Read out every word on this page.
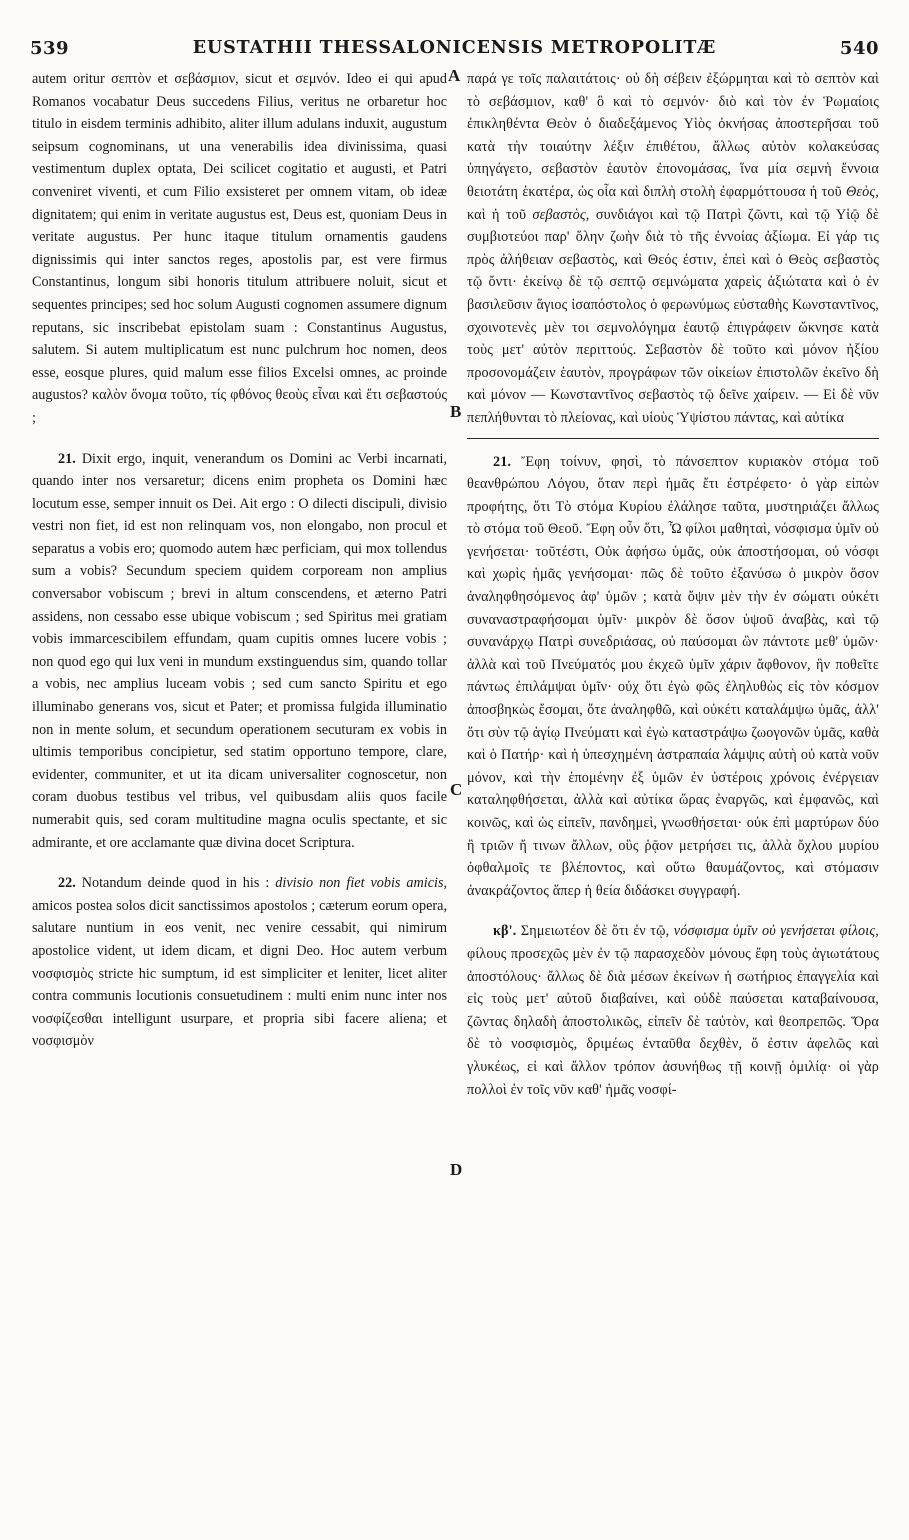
539	EUSTATHII THESSALONICENSIS METROPOLITÆ	540

autem oritur σεπτὸν et σεβάσμιον, sicut et σεμνόν. Ideo ei qui apud Romanos vocabatur Deus succedens Filius, veritus ne orbaretur hoc titulo in eisdem terminis adhibito, aliter illum adulans induxit, augustum seipsum cognominans, ut una venerabilis idea divinissima, quasi vestimentum duplex optata, Dei scilicet cogitatio et augusti, et Patri conveniret viventi, et cum Filio exsisteret per omnem vitam, ob ideæ dignitatem; qui enim in veritate augustus est, Deus est, quoniam Deus in veritate augustus. Per hunc itaque titulum ornamentis gaudens dignissimis qui inter sanctos reges, apostolis par, est vere firmus Constantinus, longum sibi honoris titulum attribuere noluit, sicut et sequentes principes; sed hoc solum Augusti cognomen assumere dignum reputans, sic inscribebat epistolam suam : Constantinus Augustus, salutem. Si autem multiplicatum est nunc pulchrum hoc nomen, deos esse, eosque plures, quid malum esse filios Excelsi omnes, ac proinde augustos? καλὸν ὄνομα τοῦτο, τίς φθόνος θεοὺς εἶναι καὶ ἔτι σεβαστούς ;

21. Dixit ergo, inquit, venerandum os Domini ac Verbi incarnati, quando inter nos versaretur; dicens enim propheta os Domini hæc locutum esse, semper innuit os Dei. Ait ergo : O dilecti discipuli, divisio vestri non fiet, id est non relinquam vos, non elongabo, non procul et separatus a vobis ero; quomodo autem hæc perficiam, qui mox tollendus sum a vobis? Secundum speciem quidem corpoream non amplius conversabor vobiscum ; brevi in altum conscendens, et æterno Patri assidens, non cessabo esse ubique vobiscum ; sed Spiritus mei gratiam vobis immarcescibilem effundam, quam cupitis omnes lucere vobis ; non quod ego qui lux veni in mundum exstinguendus sim, quando tollar a vobis, nec amplius luceam vobis ; sed cum sancto Spiritu et ego illuminabo generans vos, sicut et Pater; et promissa fulgida illuminatio non in mente solum, et secundum operationem secuturam ex vobis in ultimis temporibus concipietur, sed statim opportuno tempore, clare, evidenter, communiter, et ut ita dicam universaliter cognoscetur, non coram duobus testibus vel tribus, vel quibusdam aliis quos facile numerabit quis, sed coram multitudine magna oculis spectante, et sic admirante, et ore acclamante quæ divina docet Scriptura.

22. Notandum deinde quod in his : divisio non fiet vobis amicis, amicos postea solos dicit sanctissimos apostolos ; cæterum eorum opera, salutare nuntium in eos venit, nec venire cessabit, qui nimirum apostolice vident, ut idem dicam, et digni Deo. Hoc autem verbum νοσφισμὸς stricte hic sumptum, id est simpliciter et leniter, licet aliter contra communis locutionis consuetudinem : multi enim nunc inter nos νοσφίζεσθαι intelligunt usurpare, et propria sibi facere aliena; et νοσφισμὸν

παρά γε τοῖς παλαιτάτοις· οὐ δὴ σέβειν ἐξώρμηται καὶ τὸ σεπτὸν καὶ τὸ σεβάσμιον, καθ' ὃ καὶ τὸ σεμνόν· διὸ καὶ τὸν ἐν Ῥωμαίοις ἐπικληθέντα Θεὸν ὁ διαδεξάμενος Υἱὸς ὀκνήσας ἀποστερῆσαι τοῦ κατὰ τὴν τοιαύτην λέξιν ἐπιθέτου, ἄλλως αὐτὸν κολακεύσας ὑπηγάγετο, σεβαστὸν ἑαυτὸν ἐπονομάσας, ἵνα μία σεμνὴ ἔννοια θειοτάτη ἑκατέρα, ὡς οἷα καὶ διπλὴ στολὴ ἐφαρμόττουσα ἡ τοῦ Θεὸς, καὶ ἡ τοῦ σεβαστὸς, συνδιάγοι καὶ τῷ Πατρὶ ζῶντι, καὶ τῷ Υἱῷ δὲ συμβιοτεύοι παρ' ὅλην ζωὴν διὰ τὸ τῆς ἐννοίας ἀξίωμα. Εἰ γάρ τις πρὸς ἀλήθειαν σεβαστὸς, καὶ Θεός ἐστιν, ἐπεὶ καὶ ὁ Θεὸς σεβαστὸς τῷ ὄντι· ἐκείνῳ δὲ τῷ σεπτῷ σεμνώματα χαρεὶς ἀξιώτατα καὶ ὁ ἐν βασιλεῦσιν ἅγιος ἰσαπόστολος ὁ φερωνύμως εὐσταθὴς Κωνσταντῖνος, σχοινοτενὲς μὲν τοι σεμνολόγημα ἑαυτῷ ἐπιγράφειν ὤκνησε κατὰ τοὺς μετ' αὐτὸν περιττούς. Σεβαστὸν δὲ τοῦτο καὶ μόνον ἠξίου προσονομάζειν ἑαυτὸν, προγράφων τῶν οἰκείων ἐπιστολῶν ἐκεῖνο δὴ καὶ μόνον — Κωνσταντῖνος σεβαστὸς τῷ δεῖνε χαίρειν. — Εἰ δὲ νῦν πεπλήθυνται τὸ πλείονας, καὶ υἱοὺς Ὑψίστου πάντας, καὶ αὐτίκα

21. Ἔφη τοίνυν, φησὶ, τὸ πάνσεπτον κυριακὸν στόμα τοῦ θεανθρώπου Λόγου, ὅταν περὶ ἡμᾶς ἔτι ἐστρέφετο· ὁ γὰρ εἰπὼν προφήτης, ὅτι Τὸ στόμα Κυρίου ἐλάλησε ταῦτα, μυστηριάζει ἄλλως τὸ στόμα τοῦ Θεοῦ. Ἔφη οὖν ὅτι, Ὦ φίλοι μαθηταὶ, νόσφισμα ὑμῖν οὐ γενήσεται· τοῦτέστι, Οὐκ ἀφήσω ὑμᾶς, οὐκ ἀποστήσομαι, οὐ νόσφι καὶ χωρὶς ἡμᾶς γενήσομαι· πῶς δὲ τοῦτο ἐξανύσω ὁ μικρὸν ὅσον ἀναληφθησόμενος ἀφ' ὑμῶν ; κατὰ ὄψιν μὲν τὴν ἐν σώματι οὐκέτι συναναστραφήσομαι ὑμῖν· μικρὸν δὲ ὅσον ὑψοῦ ἀναβὰς, καὶ τῷ συνανάρχῳ Πατρὶ συνεδριάσας, οὐ παύσομαι ὢν πάντοτε μεθ' ὑμῶν· ἀλλὰ καὶ τοῦ Πνεύματός μου ἐκχεῶ ὑμῖν χάριν ἄφθονον, ἣν ποθεῖτε πάντως ἐπιλάμψαι ὑμῖν· οὐχ ὅτι ἐγὼ φῶς ἐληλυθὼς εἰς τὸν κόσμον ἀποσβηκὼς ἔσομαι, ὅτε ἀναληφθῶ, καὶ οὐκέτι καταλάμψω ὑμᾶς, ἀλλ' ὅτι σὺν τῷ ἁγίῳ Πνεύματι καὶ ἐγὼ καταστράψω ζωογονῶν ὑμᾶς, καθὰ καὶ ὁ Πατήρ· καὶ ἡ ὑπεσχημένη ἀστραπαία λάμψις αὐτὴ οὐ κατὰ νοῦν μόνον, καὶ τὴν ἑπομένην ἐξ ὑμῶν ἐν ὑστέροις χρόνοις ἐνέργειαν καταληφθήσεται, ἀλλὰ καὶ αὐτίκα ὥρας ἐναργῶς, καὶ ἐμφανῶς, καὶ κοινῶς, καὶ ὡς εἰπεῖν, πανδημεὶ, γνωσθήσεται· οὐκ ἐπὶ μαρτύρων δύο ἢ τριῶν ἤ τινων ἄλλων, οὓς ῥᾷον μετρήσει τις, ἀλλὰ ὄχλου μυρίου ὀφθαλμοῖς τε βλέποντος, καὶ οὕτω θαυμάζοντος, καὶ στόμασιν ἀνακράζοντος ἅπερ ἡ θεία διδάσκει συγγραφή.

κβ'. Σημειωτέον δὲ ὅτι ἐν τῷ, νόσφισμα ὑμῖν οὐ γενήσεται φίλοις, φίλους προσεχῶς μὲν ἐν τῷ παρασχεδὸν μόνους ἔφη τοὺς ἁγιωτάτους ἀποστόλους· ἄλλως δὲ διὰ μέσων ἐκείνων ἡ σωτήριος ἐπαγγελία καὶ εἰς τοὺς μετ' αὐτοῦ διαβαίνει, καὶ οὐδὲ παύσεται καταβαίνουσα, ζῶντας δηλαδὴ ἀποστολικῶς, εἰπεῖν δὲ ταὐτὸν, καὶ θεοπρεπῶς. Ὅρα δὲ τὸ νοσφισμὸς, δριμέως ἐνταῦθα δεχθὲν, ὅ ἐστιν ἀφελῶς καὶ γλυκέως, εἰ καὶ ἄλλον τρόπον ἀσυνήθως τῇ κοινῇ ὁμιλίᾳ· οἱ γὰρ πολλοὶ ἐν τοῖς νῦν καθ' ἡμᾶς νοσφί-

A
B
C
D
